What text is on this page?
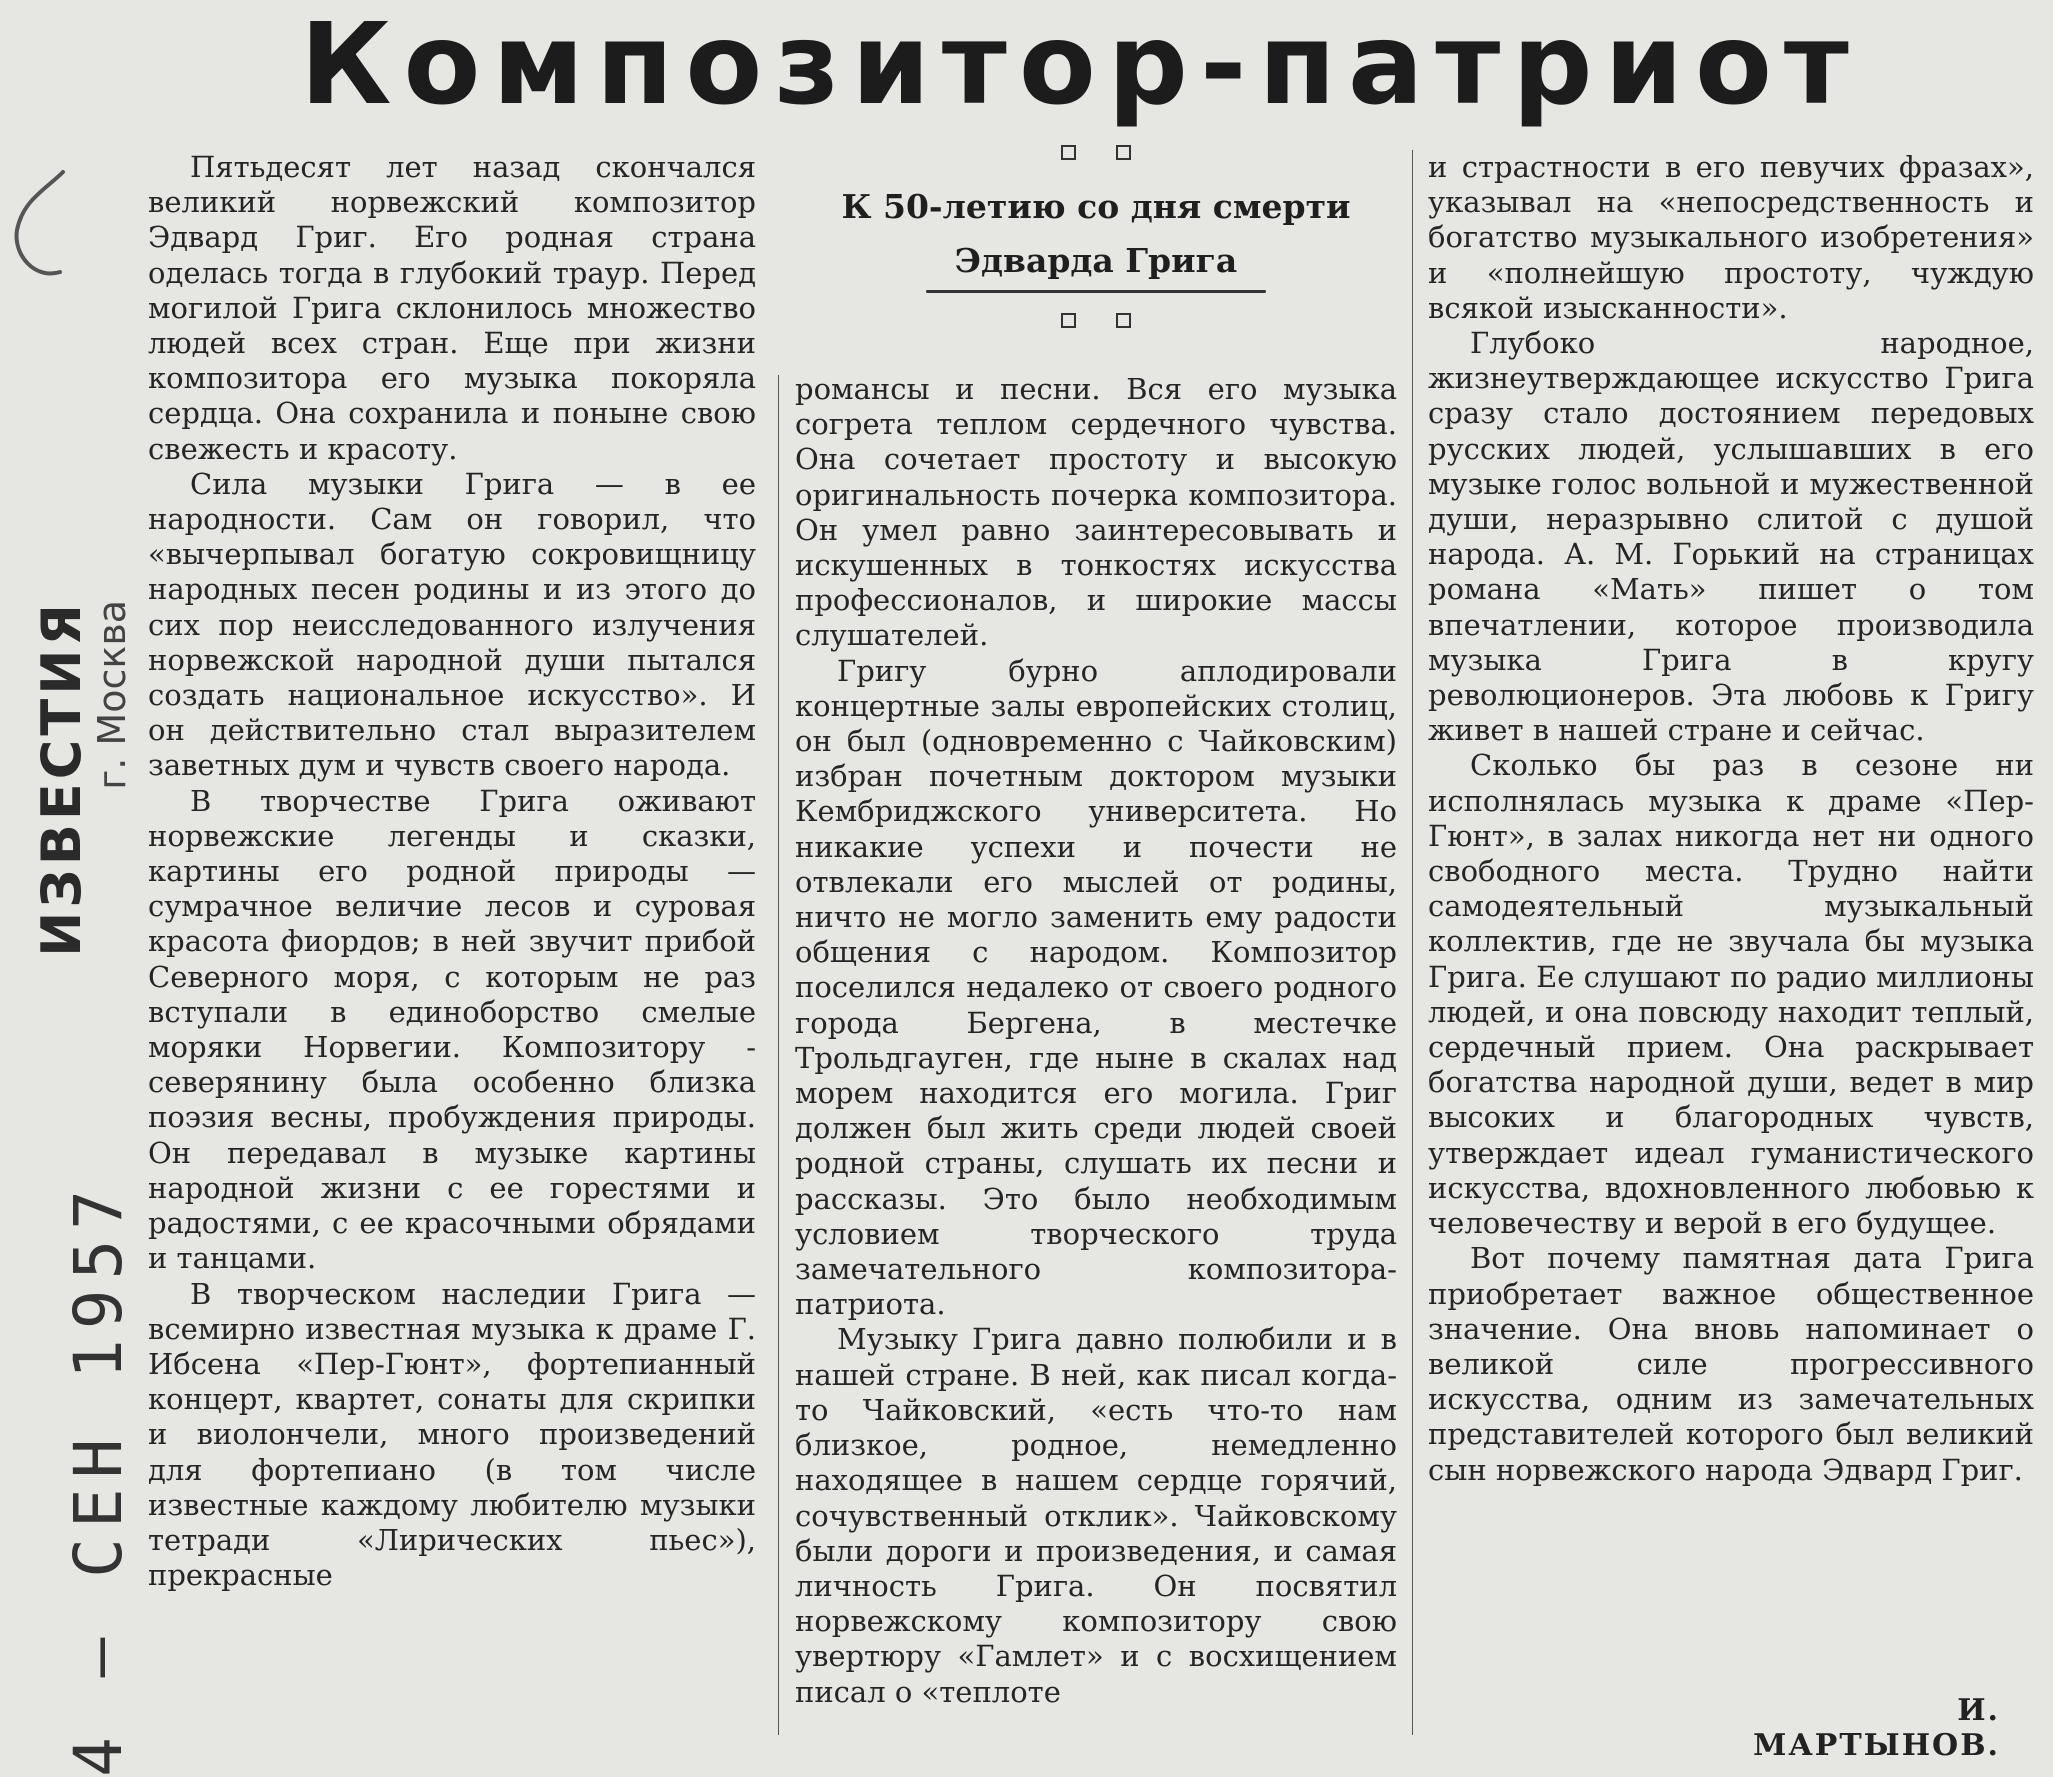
Композитор-патриот
ИЗВЕСТИЯ
г. Москва
4 — СЕН 1957
К 50-летию со дня смерти
Эдварда Грига

Пятьдесят лет назад скончался великий норвежский композитор Эдвард Григ. Его родная страна оделась тогда в глубокий траур. Перед могилой Грига склонилось множество людей всех стран. Еще при жизни композитора его музыка покоряла сердца. Она сохранила и поныне свою свежесть и красоту.

Сила музыки Грига — в ее народности. Сам он говорил, что «вычерпывал богатую сокровищницу народных песен родины и из этого до сих пор неисследованного излучения норвежской народной души пытался создать национальное искусство». И он действительно стал выразителем заветных дум и чувств своего народа.

В творчестве Грига оживают норвежские легенды и сказки, картины его родной природы — сумрачное величие лесов и суровая красота фиордов; в ней звучит прибой Северного моря, с которым не раз вступали в единоборство смелые моряки Норвегии. Композитору - северянину была особенно близка поэзия весны, пробуждения природы. Он передавал в музыке картины народной жизни с ее горестями и радостями, с ее красочными обрядами и танцами.

В творческом наследии Грига — всемирно известная музыка к драме Г. Ибсена «Пер-Гюнт», фортепианный концерт, квартет, сонаты для скрипки и виолончели, много произведений для фортепиано (в том числе известные каждому любителю музыки тетради «Лирических пьес»), прекрасные

романсы и песни. Вся его музыка согрета теплом сердечного чувства. Она сочетает простоту и высокую оригинальность почерка композитора. Он умел равно заинтересовывать и искушенных в тонкостях искусства профессионалов, и широкие массы слушателей.

Григу бурно аплодировали концертные залы европейских столиц, он был (одновременно с Чайковским) избран почетным доктором музыки Кембриджского университета. Но никакие успехи и почести не отвлекали его мыслей от родины, ничто не могло заменить ему радости общения с народом. Композитор поселился недалеко от своего родного города Бергена, в местечке Трольдгауген, где ныне в скалах над морем находится его могила. Григ должен был жить среди людей своей родной страны, слушать их песни и рассказы. Это было необходимым условием творческого труда замечательного композитора-патриота.

Музыку Грига давно полюбили и в нашей стране. В ней, как писал когда-то Чайковский, «есть что-то нам близкое, родное, немедленно находящее в нашем сердце горячий, сочувственный отклик». Чайковскому были дороги и произведения, и самая личность Грига. Он посвятил норвежскому композитору свою увертюру «Гамлет» и с восхищением писал о «теплоте

и страстности в его певучих фразах», указывал на «непосредственность и богатство музыкального изобретения» и «полнейшую простоту, чуждую всякой изысканности».

Глубоко народное, жизнеутверждающее искусство Грига сразу стало достоянием передовых русских людей, услышавших в его музыке голос вольной и мужественной души, неразрывно слитой с душой народа. А. М. Горький на страницах романа «Мать» пишет о том впечатлении, которое производила музыка Грига в кругу революционеров. Эта любовь к Григу живет в нашей стране и сейчас.

Сколько бы раз в сезоне ни исполнялась музыка к драме «Пер-Гюнт», в залах никогда нет ни одного свободного места. Трудно найти самодеятельный музыкальный коллектив, где не звучала бы музыка Грига. Ее слушают по радио миллионы людей, и она повсюду находит теплый, сердечный прием. Она раскрывает богатства народной души, ведет в мир высоких и благородных чувств, утверждает идеал гуманистического искусства, вдохновленного любовью к человечеству и верой в его будущее.

Вот почему памятная дата Грига приобретает важное общественное значение. Она вновь напоминает о великой силе прогрессивного искусства, одним из замечательных представителей которого был великий сын норвежского народа Эдвард Григ.

И. МАРТЫНОВ.
